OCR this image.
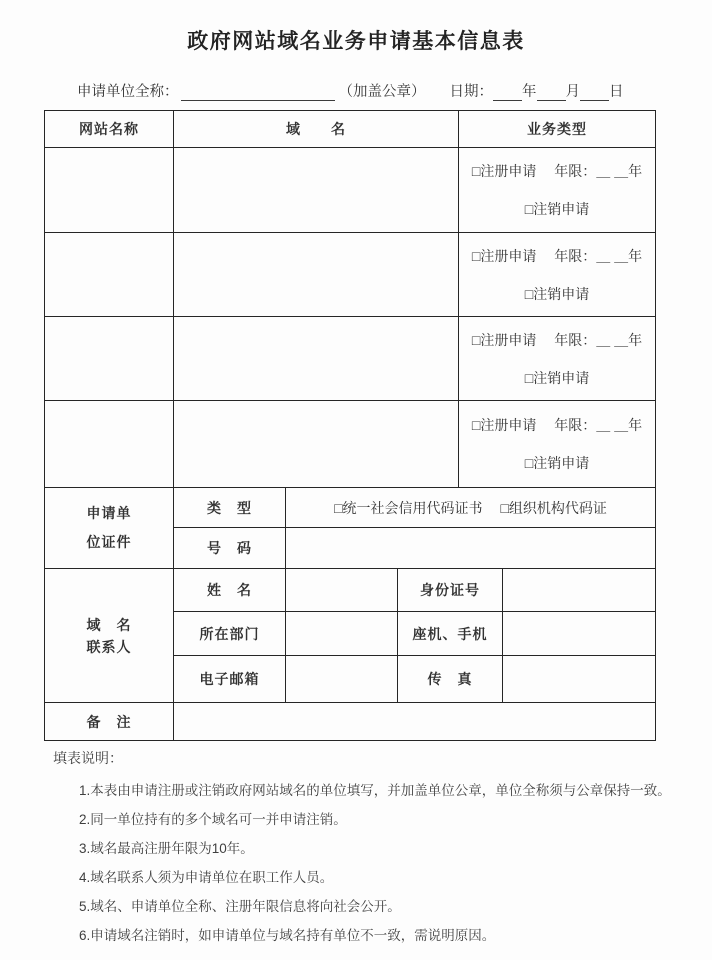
政府网站域名业务申请基本信息表
申请单位全称：	（加盖公章） 日期： 年 月 日
网站名称	域　　名			业务类型	

				□注册申请　 年限：＿ ＿年
□注销申请	

				□注册申请　 年限：＿ ＿年
□注销申请	

				□注册申请　 年限：＿ ＿年
□注销申请	

				□注册申请　 年限：＿ ＿年
□注销申请	

申请单
位证件	类　型	□统一社会信用代码证书　 □组织机构代码证			
	号　码				

域　名
联系人	姓　名		身份证号		
	所在部门		座机、手机		
	电子邮箱		传　真		
备　注					
填表说明：
1.本表由申请注册或注销政府网站域名的单位填写，并加盖单位公章，单位全称须与公章保持一致。
2.同一单位持有的多个域名可一并申请注销。
3.域名最高注册年限为10年。
4.域名联系人须为申请单位在职工作人员。
5.域名、申请单位全称、注册年限信息将向社会公开。
6.申请域名注销时，如申请单位与域名持有单位不一致，需说明原因。
